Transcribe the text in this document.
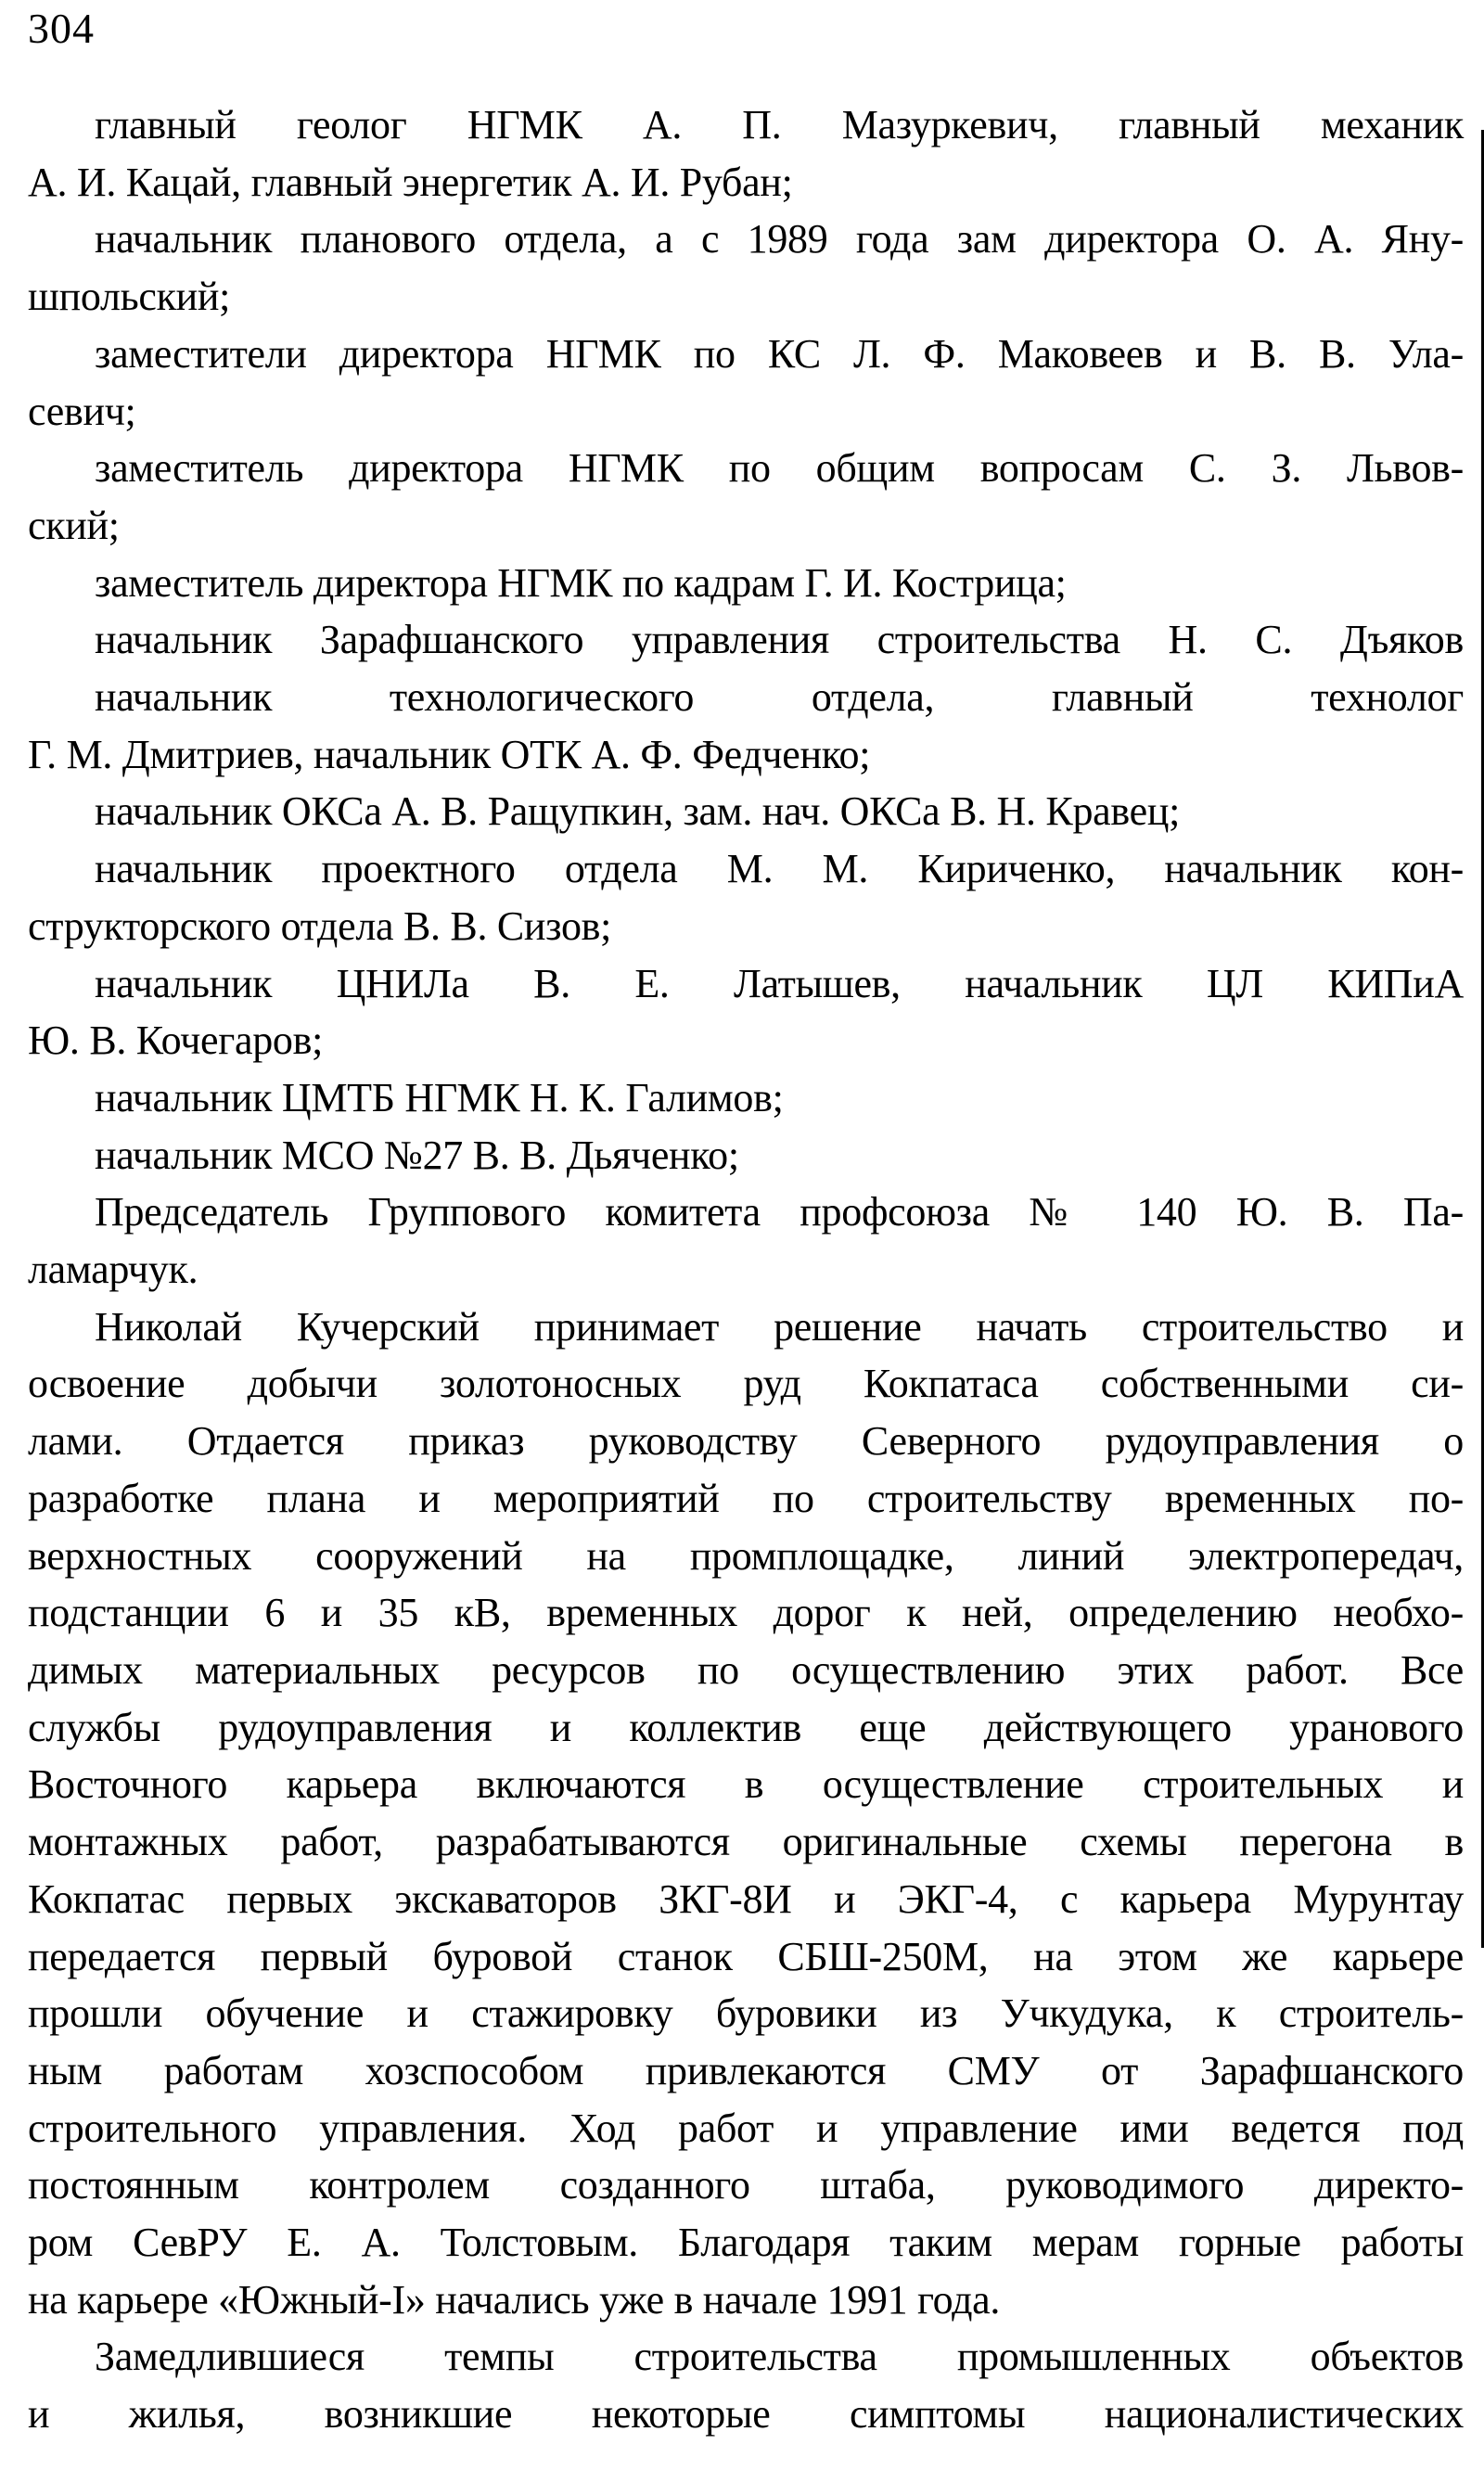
304
главный геолог НГМК А. П. Мазуркевич, главный механик
А. И. Кацай, главный энергетик А. И. Рубан;
начальник планового отдела, а с 1989 года зам директора О. А. Яну-
шпольский;
заместители директора НГМК по КС Л. Ф. Маковеев и В. В. Ула-
севич;
заместитель директора НГМК по общим вопросам С. З. Львов-
ский;
заместитель директора НГМК по кадрам Г. И. Кострица;
начальник Зарафшанского управления строительства Н. С. Дъяков
начальник технологического отдела, главный технолог
Г. М. Дмитриев, начальник ОТК А. Ф. Федченко;
начальник ОКСа А. В. Ращупкин, зам. нач. ОКСа В. Н. Кравец;
начальник проектного отдела М. М. Кириченко, начальник кон-
структорского отдела В. В. Сизов;
начальник ЦНИЛа В. Е. Латышев, начальник ЦЛ КИПиА
Ю. В. Кочегаров;
начальник ЦМТБ НГМК Н. К. Галимов;
начальник МСО №27 В. В. Дьяченко;
Председатель Группового комитета профсоюза № 140 Ю. В. Па-
ламарчук.
Николай Кучерский принимает решение начать строительство и
освоение добычи золотоносных руд Кокпатаса собственными си-
лами. Отдается приказ руководству Северного рудоуправления о
разработке плана и мероприятий по строительству временных по-
верхностных сооружений на промплощадке, линий электропередач,
подстанции 6 и 35 кВ, временных дорог к ней, определению необхо-
димых материальных ресурсов по осуществлению этих работ. Все
службы рудоуправления и коллектив еще действующего уранового
Восточного карьера включаются в осуществление строительных и
монтажных работ, разрабатываются оригинальные схемы перегона в
Кокпатас первых экскаваторов ЗКГ-8И и ЭКГ-4, с карьера Мурунтау
передается первый буровой станок СБШ-250М, на этом же карьере
прошли обучение и стажировку буровики из Учкудука, к строитель-
ным работам хозспособом привлекаются СМУ от Зарафшанского
строительного управления. Ход работ и управление ими ведется под
постоянным контролем созданного штаба, руководимого директо-
ром СевРУ Е. А. Толстовым. Благодаря таким мерам горные работы
на карьере «Южный-I» начались уже в начале 1991 года.
Замедлившиеся темпы строительства промышленных объектов
и жилья, возникшие некоторые симптомы националистических
